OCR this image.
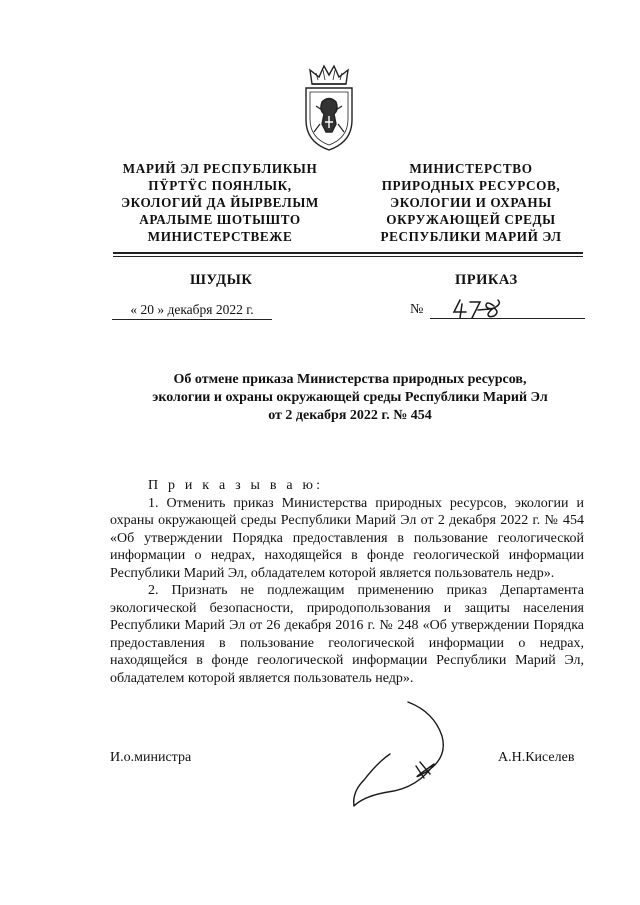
МАРИЙ ЭЛ РЕСПУБЛИКЫН
ПŸРТŸС ПОЯНЛЫК,
ЭКОЛОГИЙ ДА ЙЫРВЕЛЫМ
АРАЛЫМЕ ШОТЫШТО
МИНИСТЕРСТВЕЖЕ
МИНИСТЕРСТВО
ПРИРОДНЫХ РЕСУРСОВ,
ЭКОЛОГИИ И ОХРАНЫ
ОКРУЖАЮЩЕЙ СРЕДЫ
РЕСПУБЛИКИ МАРИЙ ЭЛ
ШУДЫК	ПРИКАЗ
« 20 » декабря 2022 г.	№
Об отмене приказа Министерства природных ресурсов,
экологии и охраны окружающей среды Республики Марий Эл
от 2 декабря 2022 г. № 454

П р и к а з ы в а ю:

1. Отменить приказ Министерства природных ресурсов, экологии и охраны окружающей среды Республики Марий Эл от 2 декабря 2022 г. № 454 «Об утверждении Порядка предоставления в пользование геологической информации о недрах, находящейся в фонде геологической информации Республики Марий Эл, обладателем которой является пользователь недр».

2. Признать не подлежащим применению приказ Департамента экологической безопасности, природопользования и защиты населения Республики Марий Эл от 26 декабря 2016 г. № 248 «Об утверждении Порядка предоставления в пользование геологической информации о недрах, находящейся в фонде геологической информации Республики Марий Эл, обладателем которой является пользователь недр».

И.о.министра	А.Н.Киселев
